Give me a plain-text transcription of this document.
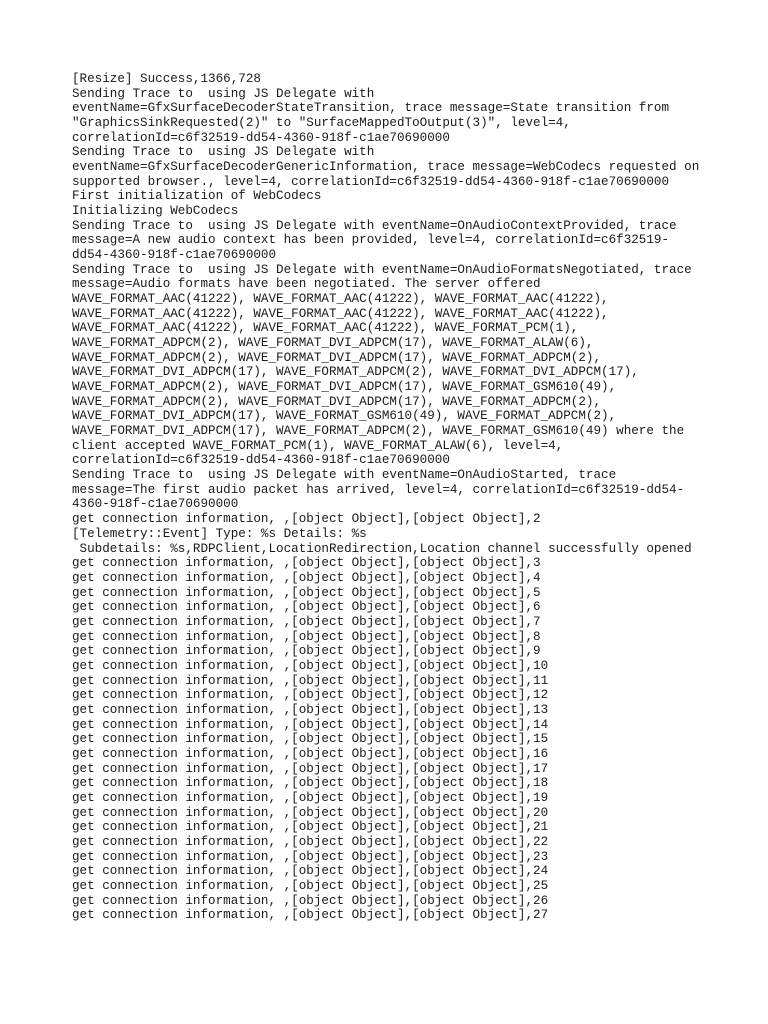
[Resize] Success,1366,728
Sending Trace to  using JS Delegate with
eventName=GfxSurfaceDecoderStateTransition, trace message=State transition from
"GraphicsSinkRequested(2)" to "SurfaceMappedToOutput(3)", level=4,
correlationId=c6f32519-dd54-4360-918f-c1ae70690000
Sending Trace to  using JS Delegate with
eventName=GfxSurfaceDecoderGenericInformation, trace message=WebCodecs requested on
supported browser., level=4, correlationId=c6f32519-dd54-4360-918f-c1ae70690000
First initialization of WebCodecs
Initializing WebCodecs
Sending Trace to  using JS Delegate with eventName=OnAudioContextProvided, trace
message=A new audio context has been provided, level=4, correlationId=c6f32519-
dd54-4360-918f-c1ae70690000
Sending Trace to  using JS Delegate with eventName=OnAudioFormatsNegotiated, trace
message=Audio formats have been negotiated. The server offered
WAVE_FORMAT_AAC(41222), WAVE_FORMAT_AAC(41222), WAVE_FORMAT_AAC(41222),
WAVE_FORMAT_AAC(41222), WAVE_FORMAT_AAC(41222), WAVE_FORMAT_AAC(41222),
WAVE_FORMAT_AAC(41222), WAVE_FORMAT_AAC(41222), WAVE_FORMAT_PCM(1),
WAVE_FORMAT_ADPCM(2), WAVE_FORMAT_DVI_ADPCM(17), WAVE_FORMAT_ALAW(6),
WAVE_FORMAT_ADPCM(2), WAVE_FORMAT_DVI_ADPCM(17), WAVE_FORMAT_ADPCM(2),
WAVE_FORMAT_DVI_ADPCM(17), WAVE_FORMAT_ADPCM(2), WAVE_FORMAT_DVI_ADPCM(17),
WAVE_FORMAT_ADPCM(2), WAVE_FORMAT_DVI_ADPCM(17), WAVE_FORMAT_GSM610(49),
WAVE_FORMAT_ADPCM(2), WAVE_FORMAT_DVI_ADPCM(17), WAVE_FORMAT_ADPCM(2),
WAVE_FORMAT_DVI_ADPCM(17), WAVE_FORMAT_GSM610(49), WAVE_FORMAT_ADPCM(2),
WAVE_FORMAT_DVI_ADPCM(17), WAVE_FORMAT_ADPCM(2), WAVE_FORMAT_GSM610(49) where the
client accepted WAVE_FORMAT_PCM(1), WAVE_FORMAT_ALAW(6), level=4,
correlationId=c6f32519-dd54-4360-918f-c1ae70690000
Sending Trace to  using JS Delegate with eventName=OnAudioStarted, trace
message=The first audio packet has arrived, level=4, correlationId=c6f32519-dd54-
4360-918f-c1ae70690000
get connection information, ,[object Object],[object Object],2
[Telemetry::Event] Type: %s Details: %s
Subdetails: %s,RDPClient,LocationRedirection,Location channel successfully opened
get connection information, ,[object Object],[object Object],3
get connection information, ,[object Object],[object Object],4
get connection information, ,[object Object],[object Object],5
get connection information, ,[object Object],[object Object],6
get connection information, ,[object Object],[object Object],7
get connection information, ,[object Object],[object Object],8
get connection information, ,[object Object],[object Object],9
get connection information, ,[object Object],[object Object],10
get connection information, ,[object Object],[object Object],11
get connection information, ,[object Object],[object Object],12
get connection information, ,[object Object],[object Object],13
get connection information, ,[object Object],[object Object],14
get connection information, ,[object Object],[object Object],15
get connection information, ,[object Object],[object Object],16
get connection information, ,[object Object],[object Object],17
get connection information, ,[object Object],[object Object],18
get connection information, ,[object Object],[object Object],19
get connection information, ,[object Object],[object Object],20
get connection information, ,[object Object],[object Object],21
get connection information, ,[object Object],[object Object],22
get connection information, ,[object Object],[object Object],23
get connection information, ,[object Object],[object Object],24
get connection information, ,[object Object],[object Object],25
get connection information, ,[object Object],[object Object],26
get connection information, ,[object Object],[object Object],27
